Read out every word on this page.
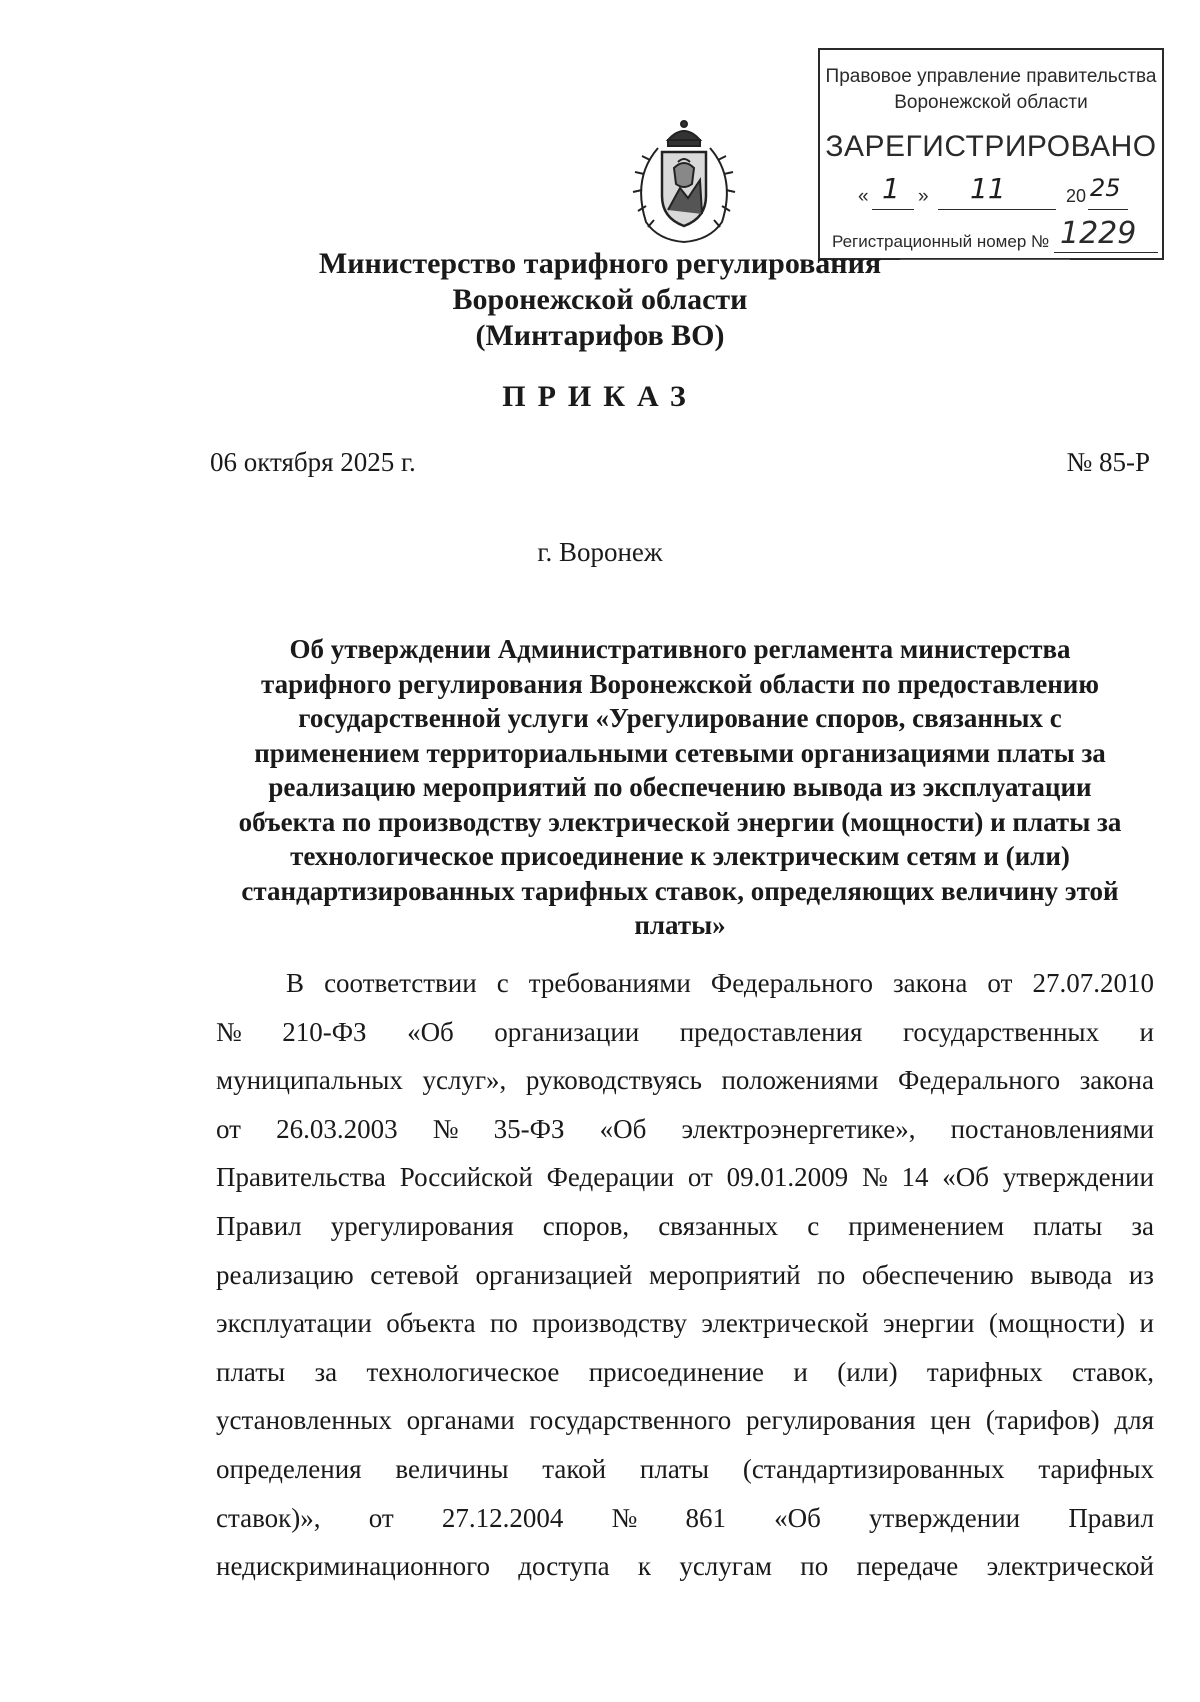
Правовое управление правительства
Воронежской области
ЗАРЕГИСТРИРОВАНО
« 1 » 11	20 25
Регистрационный номер № 1229
Министерство тарифного регулирования
Воронежской области
(Минтарифов ВО)
ПРИКАЗ
06 октября 2025 г.	№ 85-Р
г. Воронеж
Об утверждении Административного регламента министерства
тарифного регулирования Воронежской области по предоставлению
государственной услуги «Урегулирование споров, связанных с
применением территориальными сетевыми организациями платы за
реализацию мероприятий по обеспечению вывода из эксплуатации
объекта по производству электрической энергии (мощности) и платы за
технологическое присоединение к электрическим сетям и (или)
стандартизированных тарифных ставок, определяющих величину этой
платы»
В соответствии с требованиями Федерального закона от 27.07.2010
№ 210-ФЗ «Об организации предоставления государственных и
муниципальных услуг», руководствуясь положениями Федерального закона
от 26.03.2003 № 35-ФЗ «Об электроэнергетике», постановлениями
Правительства Российской Федерации от 09.01.2009 № 14 «Об утверждении
Правил урегулирования споров, связанных с применением платы за
реализацию сетевой организацией мероприятий по обеспечению вывода из
эксплуатации объекта по производству электрической энергии (мощности) и
платы за технологическое присоединение и (или) тарифных ставок,
установленных органами государственного регулирования цен (тарифов) для
определения величины такой платы (стандартизированных тарифных
ставок)», от 27.12.2004 № 861 «Об утверждении Правил
недискриминационного доступа к услугам по передаче электрической
